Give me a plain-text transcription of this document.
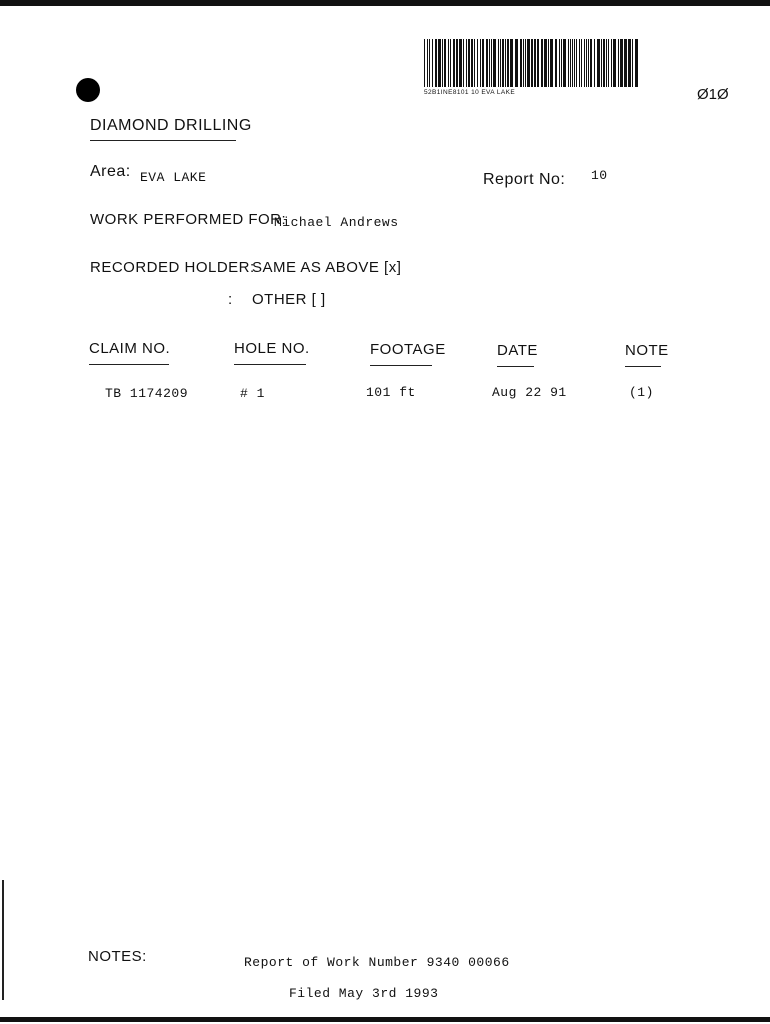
52B1INE8101 10 EVA LAKE	Ø1Ø
DIAMOND DRILLING
Area: EVA LAKE	Report No: 10
WORK PERFORMED FOR:
Michael Andrews
RECORDED HOLDER:
SAME AS ABOVE [x]
: OTHER [ ]
CLAIM NO.	HOLE NO.	FOOTAGE	DATE	NOTE
TB 1174209	# 1	101 ft	Aug 22 91	(1)
NOTES:	Report of Work Number 9340 00066
Filed May 3rd 1993
